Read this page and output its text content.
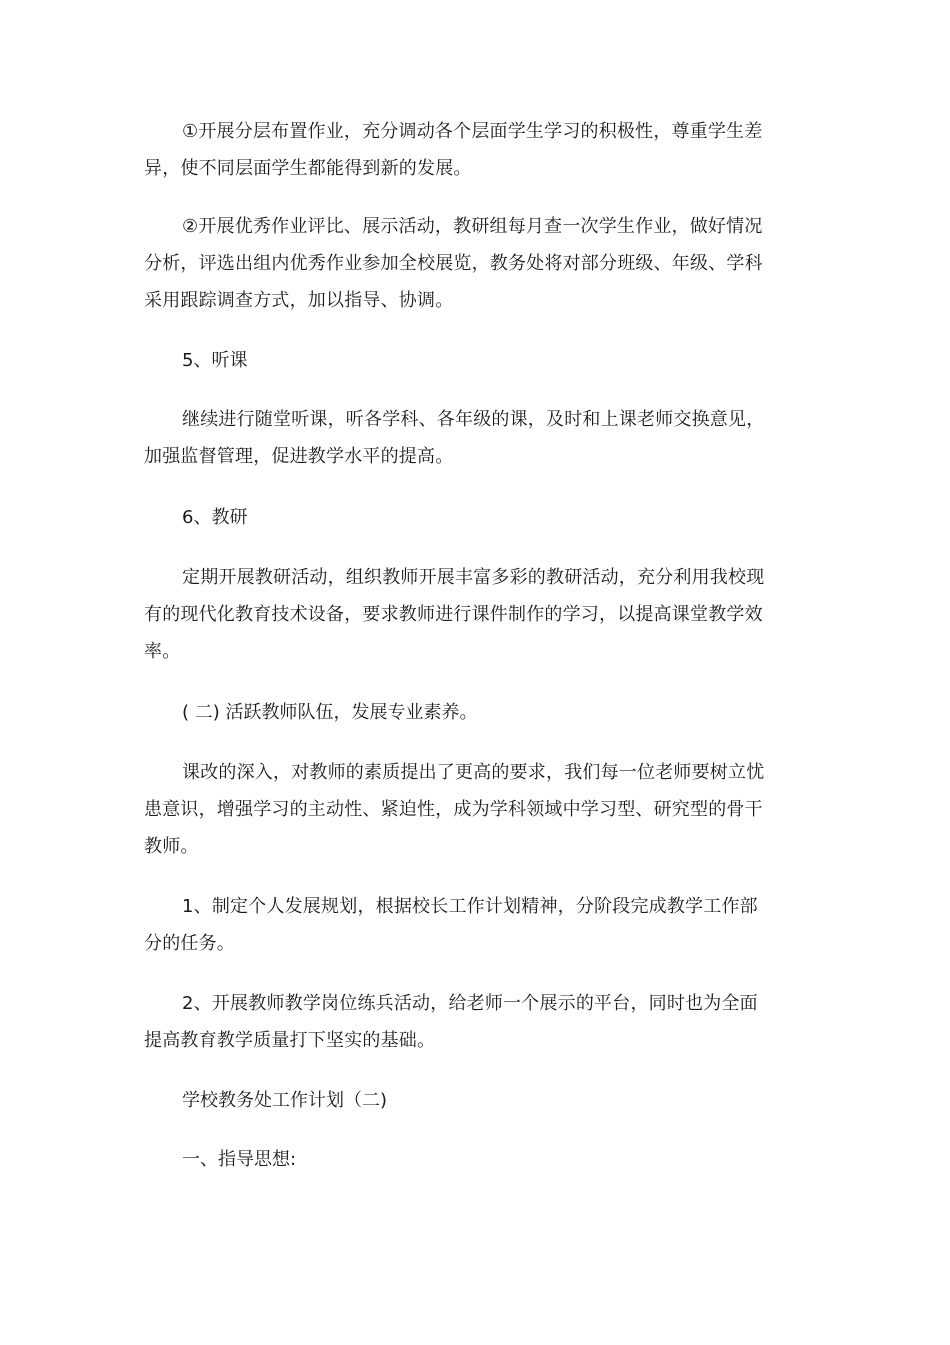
①开展分层布置作业，充分调动各个层面学生学习的积极性，尊重学生差异，使不同层面学生都能得到新的发展。

②开展优秀作业评比、展示活动，教研组每月查一次学生作业，做好情况分析，评选出组内优秀作业参加全校展览，教务处将对部分班级、年级、学科采用跟踪调查方式，加以指导、协调。

5、听课

继续进行随堂听课，听各学科、各年级的课，及时和上课老师交换意见，加强监督管理，促进教学水平的提高。

6、教研

定期开展教研活动，组织教师开展丰富多彩的教研活动，充分利用我校现有的现代化教育技术设备，要求教师进行课件制作的学习，以提高课堂教学效率。

( 二) 活跃教师队伍，发展专业素养。

课改的深入，对教师的素质提出了更高的要求，我们每一位老师要树立忧患意识，增强学习的主动性、紧迫性，成为学科领域中学习型、研究型的骨干教师。

1、制定个人发展规划，根据校长工作计划精神，分阶段完成教学工作部分的任务。

2、开展教师教学岗位练兵活动，给老师一个展示的平台，同时也为全面提高教育教学质量打下坚实的基础。

学校教务处工作计划（二)

一、指导思想:
